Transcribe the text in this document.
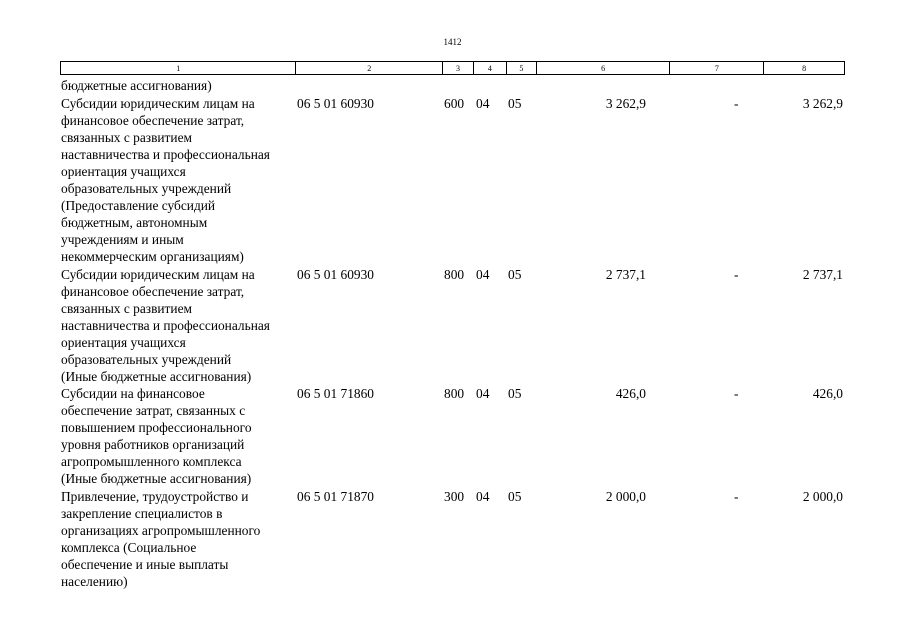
1412
1	2	3	4	5	6	7	8
бюджетные ассигнования)
Субсидии юридическим лицам на
финансовое обеспечение затрат,
связанных с развитием
наставничества и профессиональная
ориентация учащихся
образовательных учреждений
(Предоставление субсидий
бюджетным, автономным
учреждениям и иным
некоммерческим организациям)
06 5 01 60930	600 04 05	3 262,9	-	3 262,9
Субсидии юридическим лицам на
финансовое обеспечение затрат,
связанных с развитием
наставничества и профессиональная
ориентация учащихся
образовательных учреждений
(Иные бюджетные ассигнования)
06 5 01 60930	800 04 05	2 737,1	-	2 737,1
Субсидии на финансовое
обеспечение затрат, связанных с
повышением профессионального
уровня работников организаций
агропромышленного комплекса
(Иные бюджетные ассигнования)
06 5 01 71860	800 04 05	426,0	-	426,0
Привлечение, трудоустройство и
закрепление специалистов в
организациях агропромышленного
комплекса (Социальное
обеспечение и иные выплаты
населению)
06 5 01 71870	300 04 05	2 000,0	-	2 000,0
